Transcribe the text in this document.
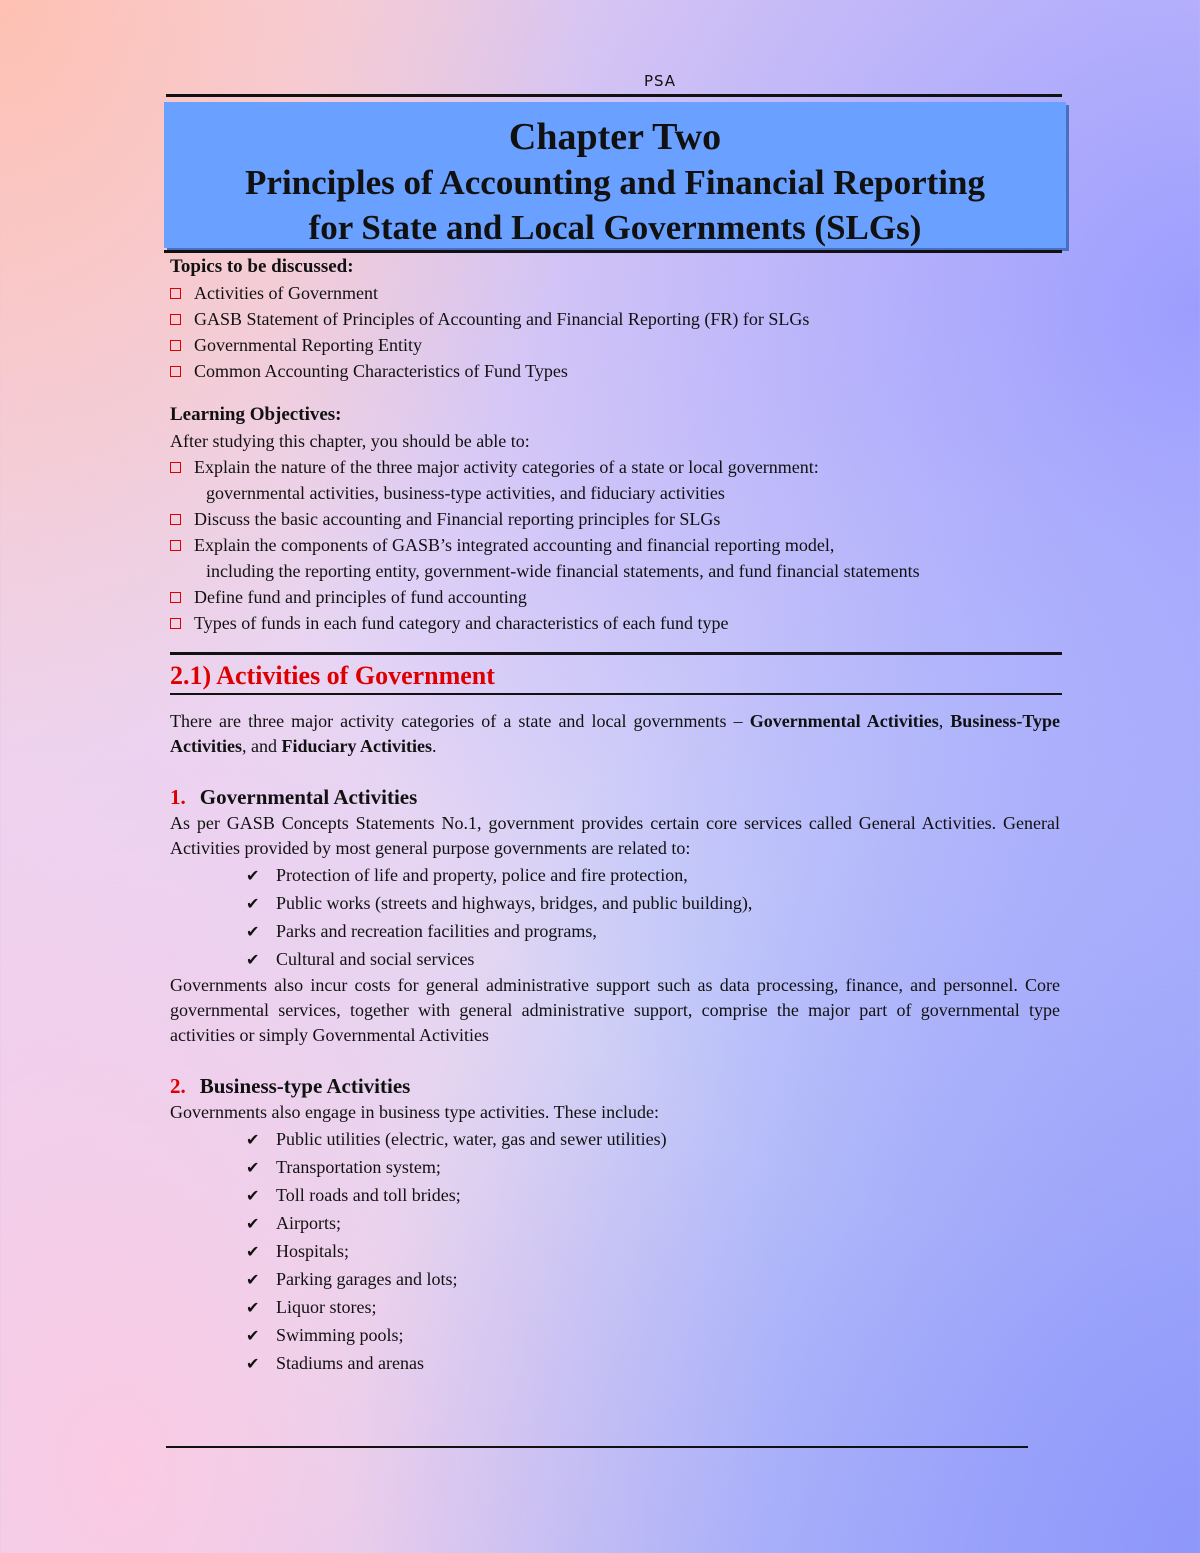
PSA
Chapter Two
Principles of Accounting and Financial Reporting
for State and Local Governments (SLGs)
Topics to be discussed:
Activities of Government
GASB Statement of Principles of Accounting and Financial Reporting (FR) for SLGs
Governmental Reporting Entity
Common Accounting Characteristics of Fund Types
Learning Objectives:
After studying this chapter, you should be able to:
Explain the nature of the three major activity categories of a state or local government:
governmental activities, business-type activities, and fiduciary activities
Discuss the basic accounting and Financial reporting principles for SLGs
Explain the components of GASB’s integrated accounting and financial reporting model,
including the reporting entity, government-wide financial statements, and fund financial statements
Define fund and principles of fund accounting
Types of funds in each fund category and characteristics of each fund type
2.1) Activities of Government
There are three major activity categories of a state and local governments – Governmental Activities, Business-Type Activities, and Fiduciary Activities.
1. Governmental Activities
As per GASB Concepts Statements No.1, government provides certain core services called General Activities. General Activities provided by most general purpose governments are related to:
✔ Protection of life and property, police and fire protection,
✔ Public works (streets and highways, bridges, and public building),
✔ Parks and recreation facilities and programs,
✔ Cultural and social services
Governments also incur costs for general administrative support such as data processing, finance, and personnel. Core governmental services, together with general administrative support, comprise the major part of governmental type activities or simply Governmental Activities
2. Business-type Activities
Governments also engage in business type activities. These include:
✔ Public utilities (electric, water, gas and sewer utilities)
✔ Transportation system;
✔ Toll roads and toll brides;
✔ Airports;
✔ Hospitals;
✔ Parking garages and lots;
✔ Liquor stores;
✔ Swimming pools;
✔ Stadiums and arenas
